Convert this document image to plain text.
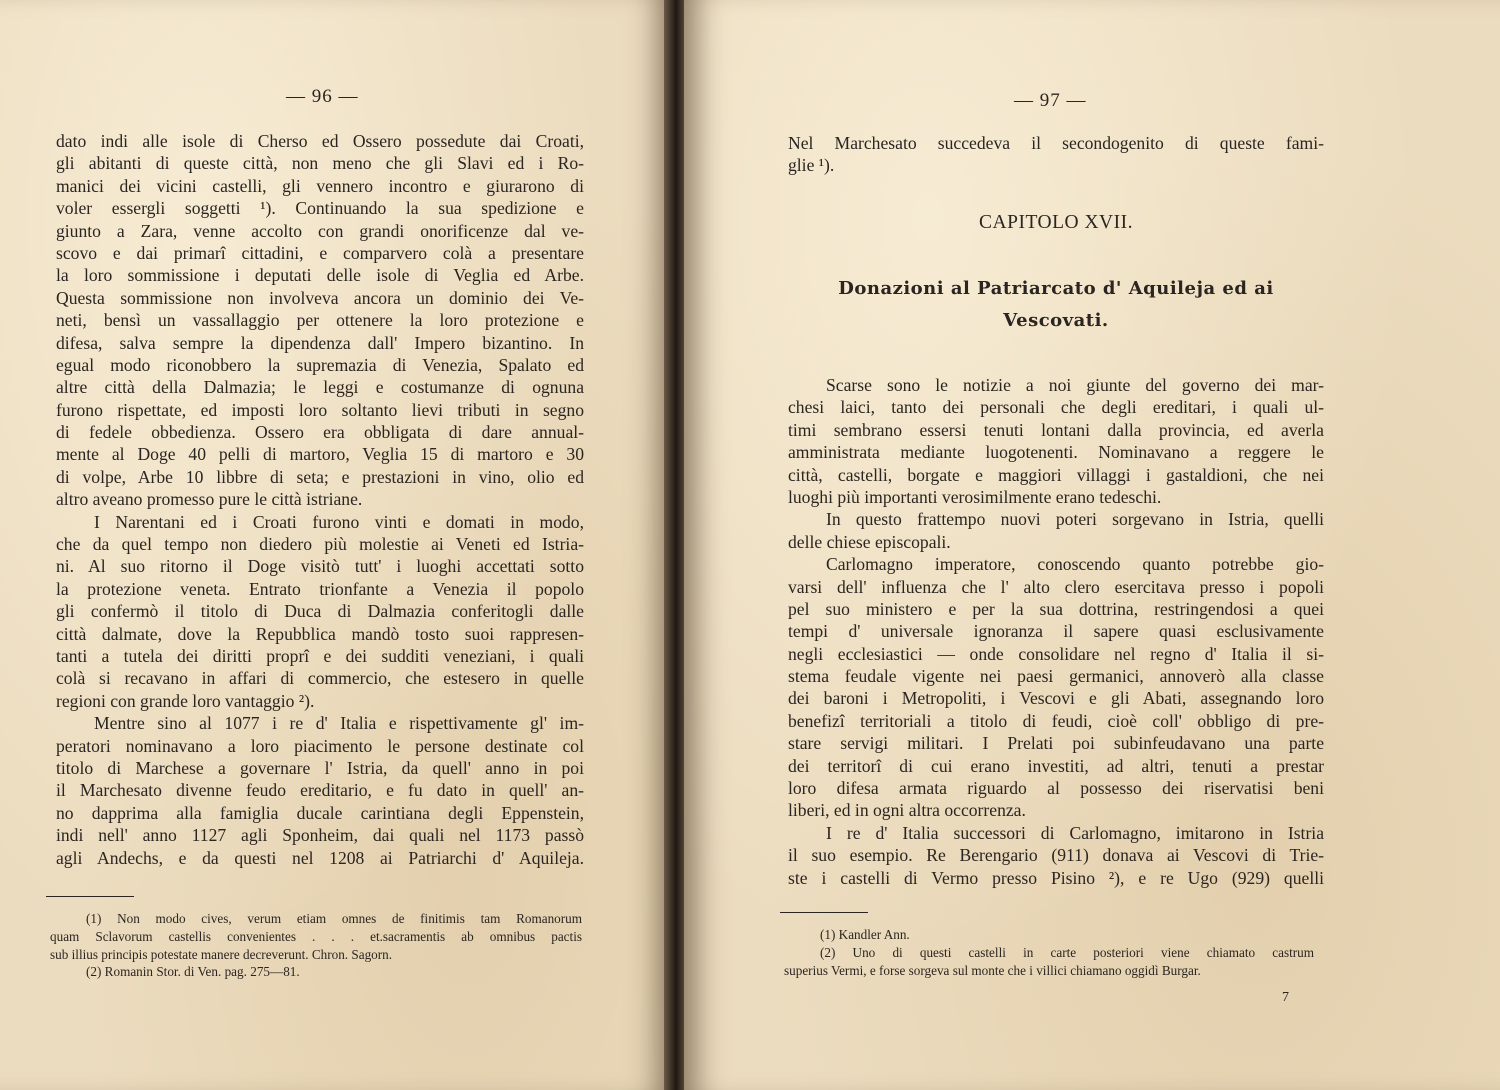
— 96 —
dato indi alle isole di Cherso ed Ossero possedute dai Croati,
gli abitanti di queste città, non meno che gli Slavi ed i Ro-
manici dei vicini castelli, gli vennero incontro e giurarono di
voler essergli soggetti ¹). Continuando la sua spedizione e
giunto a Zara, venne accolto con grandi onorificenze dal ve-
scovo e dai primarî cittadini, e comparvero colà a presentare
la loro sommissione i deputati delle isole di Veglia ed Arbe.
Questa sommissione non involveva ancora un dominio dei Ve-
neti, bensì un vassallaggio per ottenere la loro protezione e
difesa, salva sempre la dipendenza dall' Impero bizantino. In
egual modo riconobbero la supremazia di Venezia, Spalato ed
altre città della Dalmazia; le leggi e costumanze di ognuna
furono rispettate, ed imposti loro soltanto lievi tributi in segno
di fedele obbedienza. Ossero era obbligata di dare annual-
mente al Doge 40 pelli di martoro, Veglia 15 di martoro e 30
di volpe, Arbe 10 libbre di seta; e prestazioni in vino, olio ed
altro aveano promesso pure le città istriane.
I Narentani ed i Croati furono vinti e domati in modo,
che da quel tempo non diedero più molestie ai Veneti ed Istria-
ni. Al suo ritorno il Doge visitò tutt' i luoghi accettati sotto
la protezione veneta. Entrato trionfante a Venezia il popolo
gli confermò il titolo di Duca di Dalmazia conferitogli dalle
città dalmate, dove la Repubblica mandò tosto suoi rappresen-
tanti a tutela dei diritti proprî e dei sudditi veneziani, i quali
colà si recavano in affari di commercio, che estesero in quelle
regioni con grande loro vantaggio ²).
Mentre sino al 1077 i re d' Italia e rispettivamente gl' im-
peratori nominavano a loro piacimento le persone destinate col
titolo di Marchese a governare l' Istria, da quell' anno in poi
il Marchesato divenne feudo ereditario, e fu dato in quell' an-
no dapprima alla famiglia ducale carintiana degli Eppenstein,
indi nell' anno 1127 agli Sponheim, dai quali nel 1173 passò
agli Andechs, e da questi nel 1208 ai Patriarchi d' Aquileja.
(1) Non modo cives, verum etiam omnes de finitimis tam Romanorum
quam Sclavorum castellis convenientes . . . et.sacramentis ab omnibus pactis
sub illius principis potestate manere decreverunt. Chron. Sagorn.
(2) Romanin Stor. di Ven. pag. 275—81.
— 97 —
Nel Marchesato succedeva il secondogenito di queste fami-
glie ¹).
CAPITOLO XVII.
Donazioni al Patriarcato d' Aquileja ed ai
Vescovati.
Scarse sono le notizie a noi giunte del governo dei mar-
chesi laici, tanto dei personali che degli ereditari, i quali ul-
timi sembrano essersi tenuti lontani dalla provincia, ed averla
amministrata mediante luogotenenti. Nominavano a reggere le
città, castelli, borgate e maggiori villaggi i gastaldioni, che nei
luoghi più importanti verosimilmente erano tedeschi.
In questo frattempo nuovi poteri sorgevano in Istria, quelli
delle chiese episcopali.
Carlomagno imperatore, conoscendo quanto potrebbe gio-
varsi dell' influenza che l' alto clero esercitava presso i popoli
pel suo ministero e per la sua dottrina, restringendosi a quei
tempi d' universale ignoranza il sapere quasi esclusivamente
negli ecclesiastici — onde consolidare nel regno d' Italia il si-
stema feudale vigente nei paesi germanici, annoverò alla classe
dei baroni i Metropoliti, i Vescovi e gli Abati, assegnando loro
benefizî territoriali a titolo di feudi, cioè coll' obbligo di pre-
stare servigi militari. I Prelati poi subinfeudavano una parte
dei territorî di cui erano investiti, ad altri, tenuti a prestar
loro difesa armata riguardo al possesso dei riservatisi beni
liberi, ed in ogni altra occorrenza.
I re d' Italia successori di Carlomagno, imitarono in Istria
il suo esempio. Re Berengario (911) donava ai Vescovi di Trie-
ste i castelli di Vermo presso Pisino ²), e re Ugo (929) quelli
(1) Kandler Ann.
(2) Uno di questi castelli in carte posteriori viene chiamato castrum
superius Vermi, e forse sorgeva sul monte che i villici chiamano oggidì Burgar.
7
